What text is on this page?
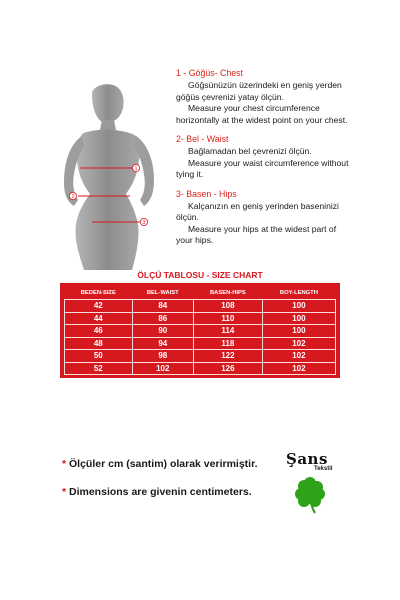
1
2
3
1 - Göğüs- Chest

Göğsünüzün üzerindeki en geniş yerden

göğüs çevrenizi yatay ölçün.

Measure your chest circumference

horizontally at the widest point on your chest.

2- Bel - Waist

Bağlamadan bel çevrenizi ölçün.

Measure your waist circumference without

tying it.

3- Basen - Hips

Kalçanızın en geniş yerinden baseninizi

ölçün.

Measure your hips at the widest part of

your hips.

ÖLÇÜ TABLOSU - SIZE CHART
BEDEN-SIZE	BEL-WAIST	BASEN-HIPS	BOY-LENGTH
42	84	108	100
44	86	110	100
46	90	114	100
48	94	118	102
50	98	122	102
52	102	126	102

* Ölçüler cm (santim) olarak verirmiştir.

* Dimensions are givenin centimeters.

Şans
Tekstil
